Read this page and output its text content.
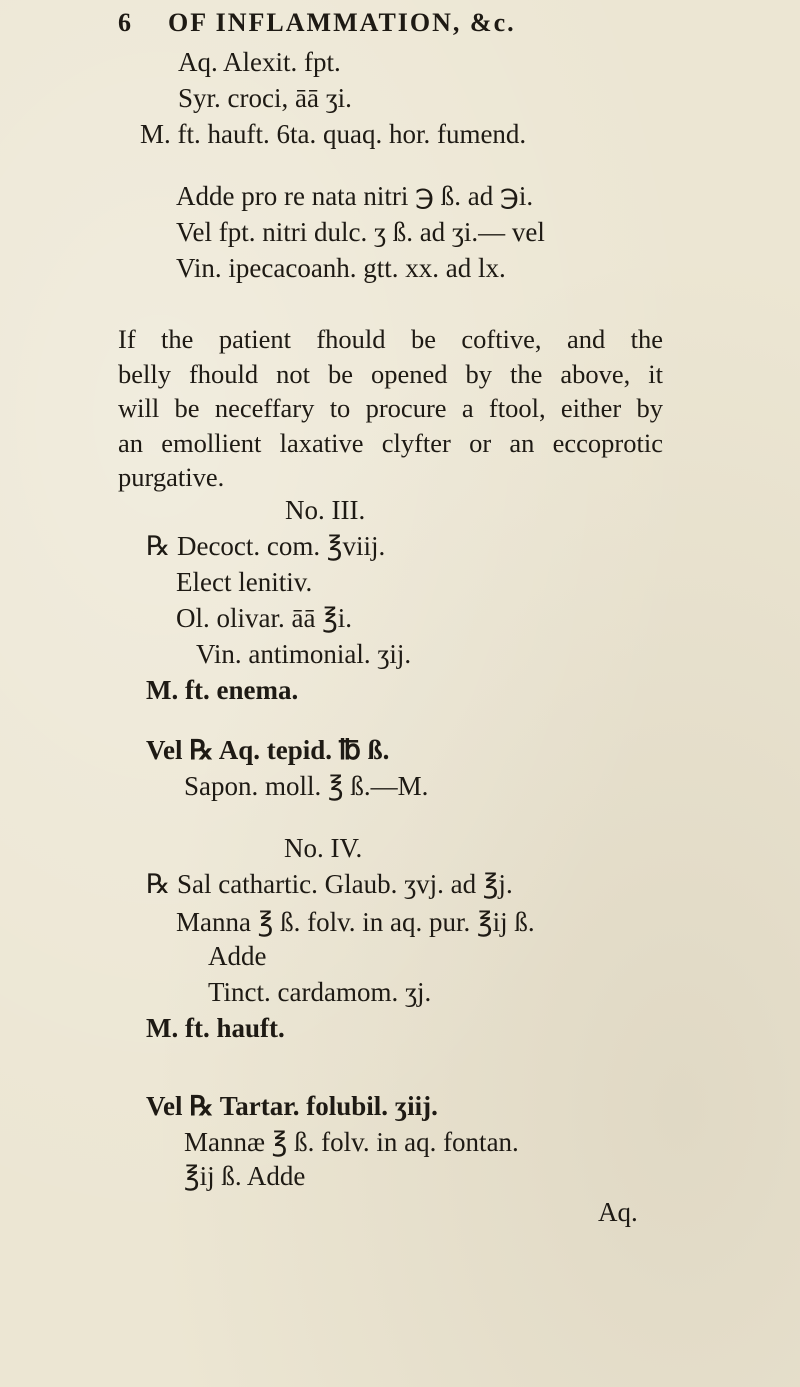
6 OF INFLAMMATION, &c.
Aq. Alexit. fpt.
Syr. croci, āā ʒi.
M. ft. hauft. 6ta. quaq. hor. fumend.
Adde pro re nata nitri ℈ ß. ad ℈i.
Vel fpt. nitri dulc. ʒ ß. ad ʒi.— vel
Vin. ipecacoanh. gtt. xx. ad lx.
If the patient fhould be coftive, and the
belly fhould not be opened by the above, it
will be neceffary to procure a ftool, either by
an emollient laxative clyfter or an eccoprotic
purgative.
No. III.
℞ Decoct. com. ℥viij.
Elect lenitiv.
Ol. olivar. āā ℥i.
Vin. antimonial. ʒij.
M. ft. enema.
Vel ℞ Aq. tepid. ℔ ß.
Sapon. moll. ℥ ß.—M.
No. IV.
℞ Sal cathartic. Glaub. ʒvj. ad ℥j.
Manna ℥ ß. folv. in aq. pur. ℥ij ß.
Adde
Tinct. cardamom. ʒj.
M. ft. hauft.
Vel ℞ Tartar. folubil. ʒiij.
Mannæ ℥ ß. folv. in aq. fontan.
℥ij ß. Adde
Aq.
